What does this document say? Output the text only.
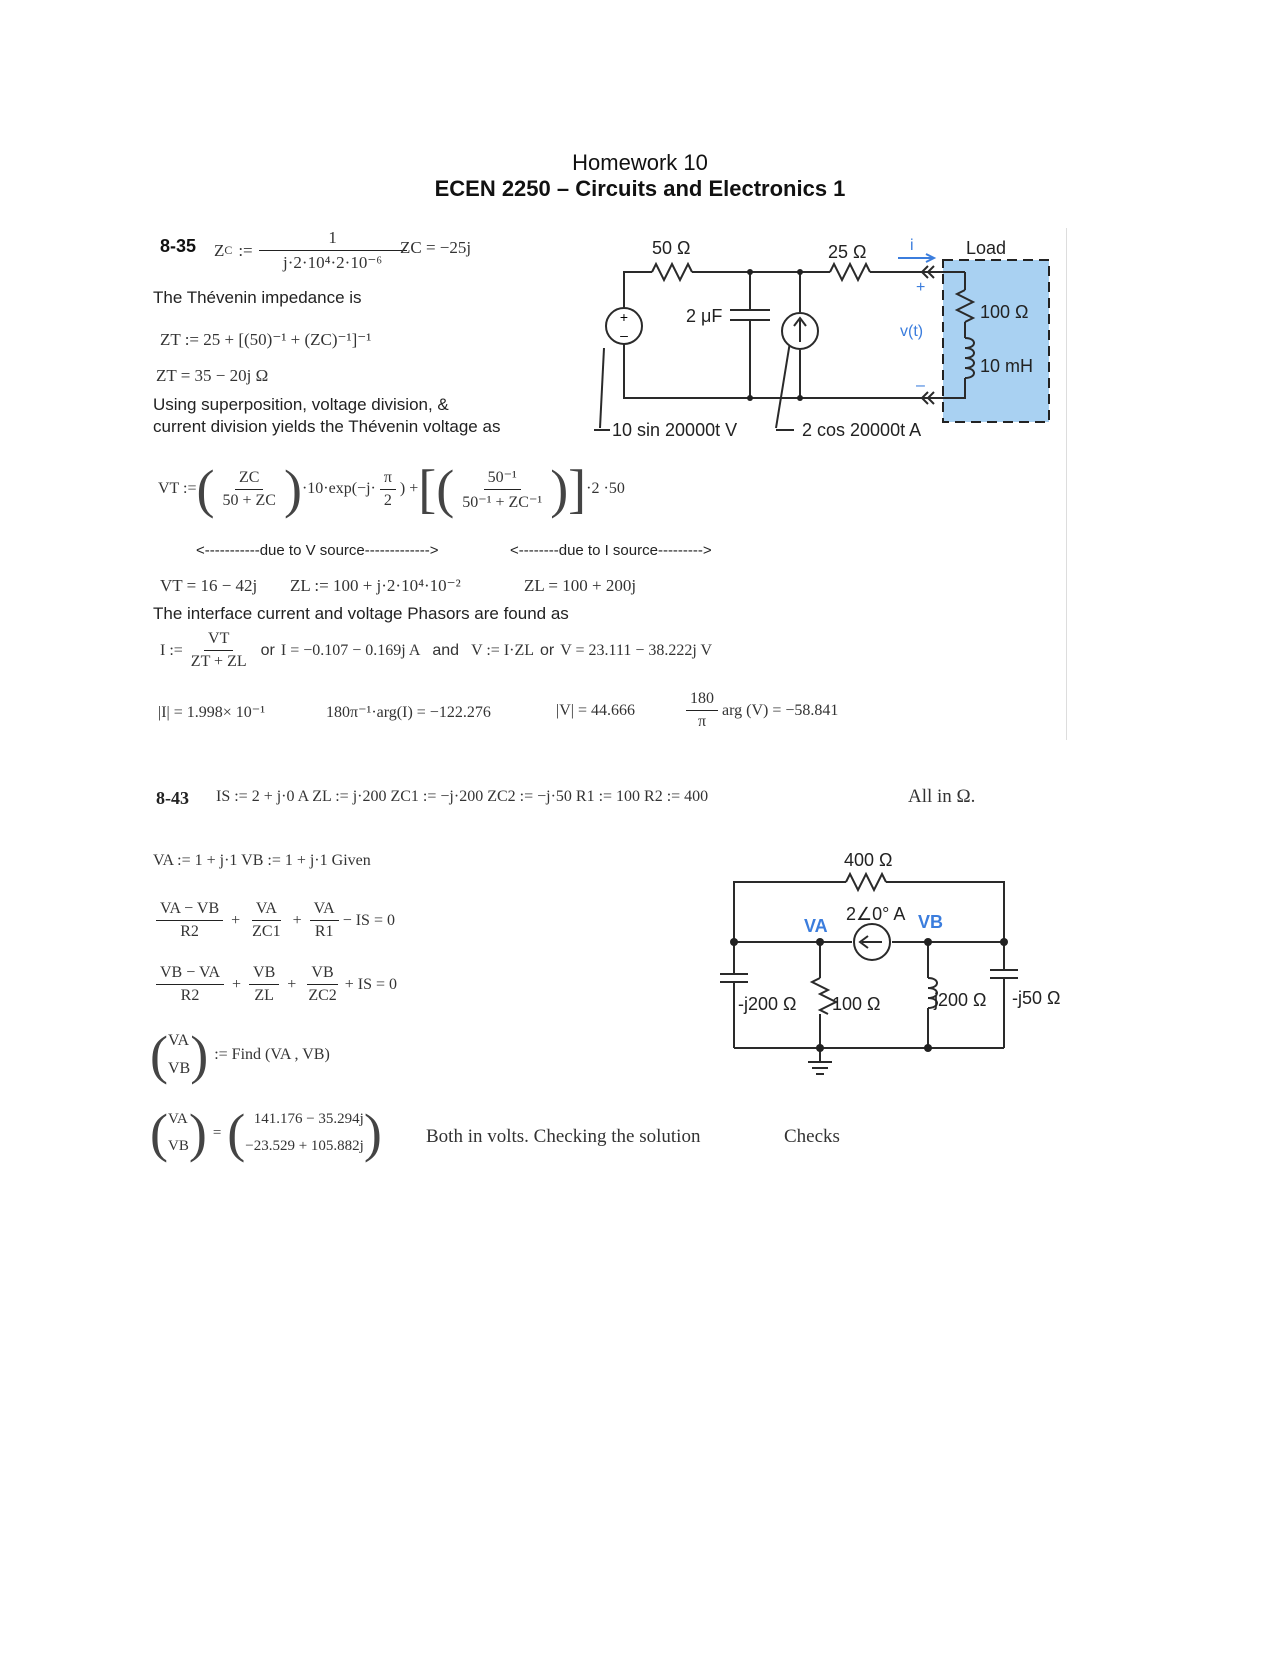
Homework 10
ECEN 2250 – Circuits and Electronics 1
8-35 Z C := $\frac{1}{\text{j·2·10⁴·2·10⁻⁶}}$
ZC = −25j
The Thévenin impedance is
ZT := 25 + [(50)⁻¹ + (ZC)⁻¹]⁻¹
ZT = 35 − 20j Ω
Using superposition, voltage division, &
current division yields the Thévenin voltage as
VT := ( $\frac{ZC}{50 + ZC}$ ) $\cdot 10\cdot\exp(-j\cdot \frac{\pi}{2}$ ) + [( $\frac{\text{50⁻¹}}{\text{50⁻¹ + ZC⁻¹}}$ )] ·2 ·50
<-----------due to V source------------->	<--------due to I source--------->
VT = 16 − 42j ZL := 100 + j·2·10⁴·10⁻²	ZL = 100 + 200j
The interface current and voltage Phasors are found as
I := $\frac{VT}{ZT + ZL}$ or I = −0.107 − 0.169j A and V := I·ZL or V = 23.111 − 38.222j V
|I| = 1.998× 10⁻¹	180π⁻¹·arg(I) = −122.276	|V| = 44.666	$\frac{180}{\pi}$ arg (V) = −58.841
+
–
50 Ω	25 Ω
2 μF
i	Load
+
v(t)
–
100 Ω
10 mH
10 sin 20000t V	2 cos 20000t A
8-43 IS := 2 + j·0 A ZL := j·200 ZC1 := −j·200 ZC2 := −j·50 R1 := 100 R2 := 400	All in Ω.
VA := 1 + j·1 VB := 1 + j·1 Given
$\frac{VA - VB}{R2} + \frac{VA}{ZC1} + \frac{VA}{R1}$ − IS = 0
$\frac{VB - VA}{R2} + \frac{VB}{ZL} + \frac{VB}{ZC2}$ + IS = 0
( VA
VB ) := Find (VA , VB)
( VA
VB ) = ( 141.176 − 35.294j
−23.529 + 105.882j ) Both in volts. Checking the solution	Checks
400 Ω
2∠0° A
VA	VB
-j200 Ω 100 Ω	j200 Ω -j50 Ω
